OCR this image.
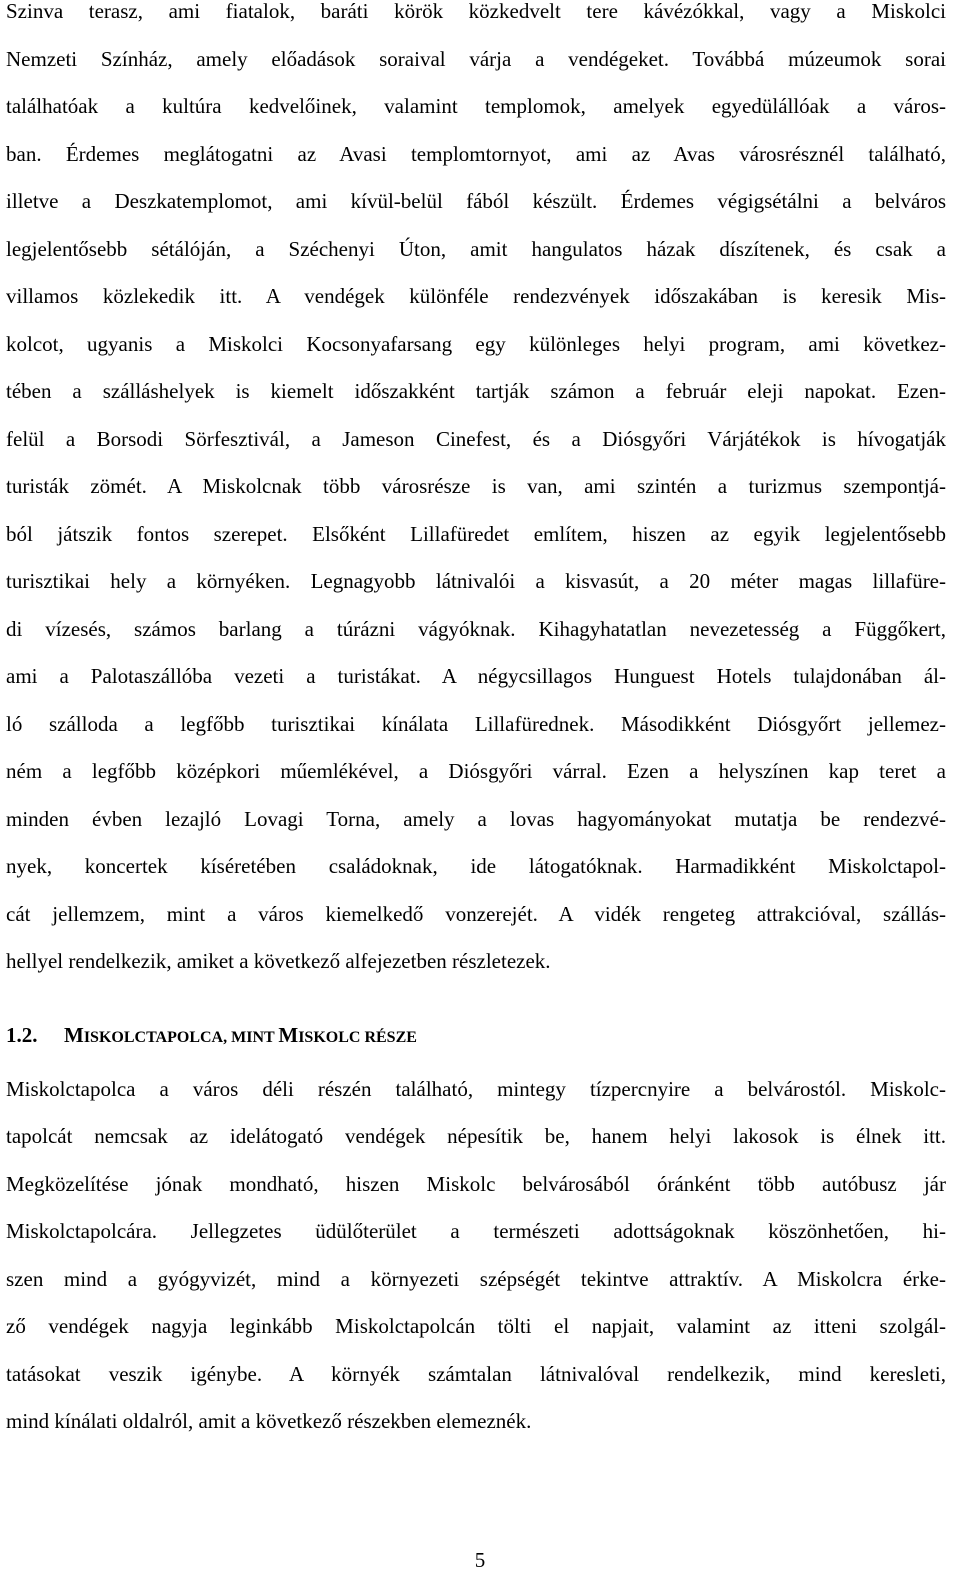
Szinva terasz, ami fiatalok, baráti körök közkedvelt tere kávézókkal, vagy a Miskolci
Nemzeti Színház, amely előadások soraival várja a vendégeket. Továbbá múzeumok sorai
találhatóak a kultúra kedvelőinek, valamint templomok, amelyek egyedülállóak a város-
ban. Érdemes meglátogatni az Avasi templomtornyot, ami az Avas városrésznél található,
illetve a Deszkatemplomot, ami kívül-belül fából készült. Érdemes végigsétálni a belváros
legjelentősebb sétálóján, a Széchenyi Úton, amit hangulatos házak díszítenek, és csak a
villamos közlekedik itt. A vendégek különféle rendezvények időszakában is keresik Mis-
kolcot, ugyanis a Miskolci Kocsonyafarsang egy különleges helyi program, ami következ-
tében a szálláshelyek is kiemelt időszakként tartják számon a február eleji napokat. Ezen-
felül a Borsodi Sörfesztivál, a Jameson Cinefest, és a Diósgyőri Várjátékok is hívogatják
turisták zömét. A Miskolcnak több városrésze is van, ami szintén a turizmus szempontjá-
ból játszik fontos szerepet. Elsőként Lillafüredet említem, hiszen az egyik legjelentősebb
turisztikai hely a környéken. Legnagyobb látnivalói a kisvasút, a 20 méter magas lillafüre-
di vízesés, számos barlang a túrázni vágyóknak. Kihagyhatatlan nevezetesség a Függőkert,
ami a Palotaszállóba vezeti a turistákat. A négycsillagos Hunguest Hotels tulajdonában ál-
ló szálloda a legfőbb turisztikai kínálata Lillafürednek. Másodikként Diósgyőrt jellemez-
ném a legfőbb középkori műemlékével, a Diósgyőri várral. Ezen a helyszínen kap teret a
minden évben lezajló Lovagi Torna, amely a lovas hagyományokat mutatja be rendezvé-
nyek, koncertek kíséretében családoknak, ide látogatóknak. Harmadikként Miskolctapol-
cát jellemzem, mint a város kiemelkedő vonzerejét. A vidék rengeteg attrakcióval, szállás-
hellyel rendelkezik, amiket a következő alfejezetben részletezek.
1.2. MISKOLCTAPOLCA, MINT MISKOLC RÉSZE
Miskolctapolca a város déli részén található, mintegy tízpercnyire a belvárostól. Miskolc-
tapolcát nemcsak az idelátogató vendégek népesítik be, hanem helyi lakosok is élnek itt.
Megközelítése jónak mondható, hiszen Miskolc belvárosából óránként több autóbusz jár
Miskolctapolcára. Jellegzetes üdülőterület a természeti adottságoknak köszönhetően, hi-
szen mind a gyógyvizét, mind a környezeti szépségét tekintve attraktív. A Miskolcra érke-
ző vendégek nagyja leginkább Miskolctapolcán tölti el napjait, valamint az itteni szolgál-
tatásokat veszik igénybe. A környék számtalan látnivalóval rendelkezik, mind keresleti,
mind kínálati oldalról, amit a következő részekben elemeznék.
5
